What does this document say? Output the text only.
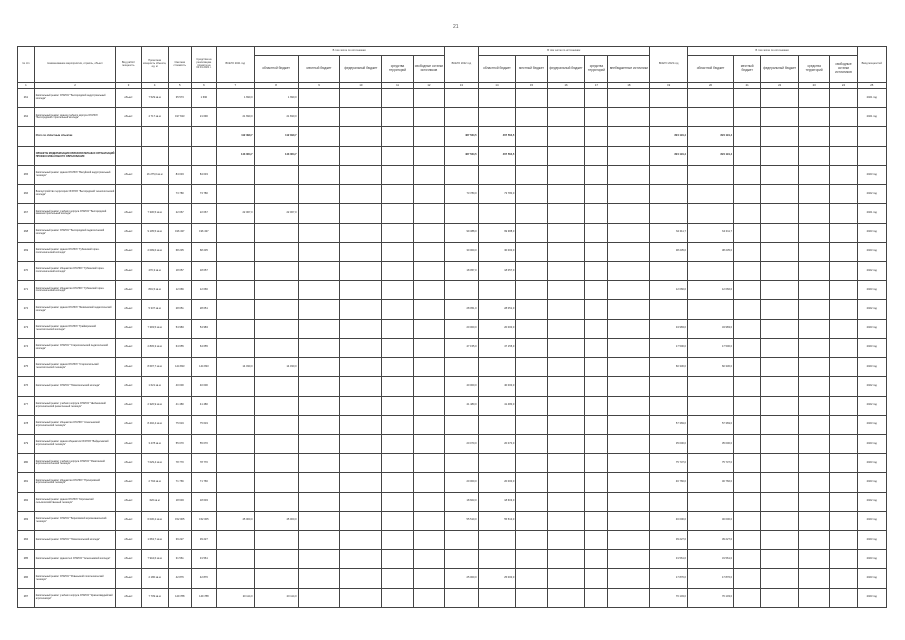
21
№ п/п	Наименование мероприятия, отрасль, объект	Вид работ/мощность	Проектная мощность объекта, ед. м	Сметная стоимость	Средства на реализацию проекта на 01.01.2021 г.	ВСЕГО 2021 год	В том числе по источникам:					ВСЕГО 2022 год	В том числе по источникам:					ВСЕГО 2023 год	В том числе по источникам:					Ввод мощностей
							областной бюджет	местный бюджет	федеральный бюджет	средства территорий	свободные остатки источников		областной бюджет	местный бюджет	федеральный бюджет	средства территорий	внебюджетные источники		областной бюджет	местный бюджет	федеральный бюджет	средства территорий	свободные остатки источников	
1	2	3	4	5	6	7	8	9	10	11	12	13	14	15	16	17	18	19	20	21	22	23	24	25
261	Капитальный ремонт ОГАПОУ "Белгородский индустриальный колледж"	объект	7 529 кв.м	35 573	1 690	1 690,0	1 690,0																	2021 год
262	Капитальный ремонт здания учебного корпуса ОГАПОУ "Белгородский строительный колледж"	объект	4 717 кв.м	197 633	21 690	21 690,0	21 690,0																	2021 год
	Итого по областным объектам					112 390,7	112 390,7					467 564,5	467 564,5					824 191,4	824 191,4					
	ОБЪЕКТЫ МОДЕРНИЗАЦИИ ОБРАЗОВАТЕЛЬНЫХ ОРГАНИЗАЦИЙ ПРОФЕССИОНАЛЬНОГО ОБРАЗОВАНИЯ					143 064,7	143 064,7					467 564,5	467 564,5					824 191,4	824 191,4					
265	Капитальный ремонт здания ОГАПОУ "Валуйский индустриальный техникум"	объект	16 275,0 кв.м	84 033	84 033																			2023 год
266	Благоустройство территории ОГАПОУ "Белгородский технологический колледж"			73 780	73 780							73 780,0	73 780,0											2022 год
267	Капитальный ремонт учебного корпуса ОГАПОУ "Белгородский машиностроительный колледж"	объект	7 330,5 кв.м	22 067	22 067	22 067,0	22 067,0																	2021 год
268	Капитальный ремонт ОГАПОУ "Белгородский педагогический колледж"	объект	9 105,5 кв.м	196 437	196 437							99 388,0	99 388,0					64 011,7	64 011,7					2023 год
269	Капитальный ремонт здания ОГАПОУ "Губкинский горно-политехнический колледж"	объект	2 099,6 кв.м	68 235	68 235							30 000,0	30 000,0					38 235,0	38 235,0					2023 год
270	Капитальный ремонт общежития ОГАПОУ "Губкинский горно-политехнический колледж"	объект	470,3 кв.м	18 057	18 057							18 057,0	18 057,0											2022 год
271	Капитальный ремонт общежития ОГАПОУ "Губкинский горно-политехнический колледж"	объект	891,5 кв.м	12 066	12 066													12 066,0	12 066,0					2023 год
272	Капитальный ремонт здания ОГАПОУ "Яковлевский педагогический колледж"	объект	5 337 кв.м	28 051	28 051							28 051,0	28 051,0											2022 год
273	Капитальный ремонт здания ОГАПОУ "Грайворонский технологический колледж"	объект	7 393,5 кв.м	54 983	54 983							20 000,0	20 000,0					34 983,0	34 983,0					2023 год
274	Капитальный ремонт ОГАПОУ "Старооскольский педагогический колледж"	объект	2 845,3 кв.м	64 655	64 655							47 155,0	47 155,0					17 500,0	17 500,0					2023 год
275	Капитальный ремонт здания ОГАПОУ "Старооскольский технологический техникум"	объект	8 697,7 кв.м	144 833	144 833	14 030,0	14 030,0											60 330,0	60 330,0					2023 год
276	Капитальный ремонт ОГАПОУ "Новооскольский колледж"	объект	1 621 кв.м	40 000	40 000							40 000,0	40 000,0											2022 год
277	Капитальный ремонт учебного корпуса ОГАПОУ "Шебекинский агротехнический ремесленный техникум"	объект	2 320,9 кв.м	41 480	41 480							41 480,0	41 480,0											2022 год
278	Капитальный ремонт общежития ОГАПОУ "Алексеевский агротехнический техникум"	объект	8 402,4 кв.м	75 619	75 619													57 369,0	57 369,0					2023 год
279	Капитальный ремонт здания общежития ОГАПОУ "Вейделевский агротехнический техникум"	объект	3 478 кв.м	55 070	55 070							20 070,0	20 070,0					35 000,0	35 000,0					2023 год
280	Капитальный ремонт учебного корпуса ОГАПОУ "Ракитянский агротехнологический техникум"	объект	7 029,4 кв.м	78 770	78 770													75 737,0	75 737,0					2023 год
281	Капитальный ремонт общежития ОГАПОУ "Прохоровский агротехнический техникум"	объект	2 794 кв.м	71 766	71 766							20 000,0	20 000,0					46 766,0	46 766,0					2023 год
282	Капитальный ремонт здания ОГАПОУ "Корочанский сельскохозяйственный техникум"	объект	620 кв.м	18 603	18 603							18 603,0	18 603,0											2022 год
283	Капитальный ремонт ОГАПОУ "Борисовский агромеханический техникум"	объект	6 030,2 кв.м	152 005	152 005	45 000,0	45 000,0					55 510,0	55 510,0					46 000,0	46 000,0					2023 год
284	Капитальный ремонт ОГАПОУ "Новооскольский колледж"	объект	1 663,7 кв.м	39 227	39 227													39 227,0	39 227,0					2023 год
285	Капитальный ремонт здания №1 ОГАПОУ "Алексеевский колледж"	объект	7 944,6 кв.м	31 561	31 561													31 561,0	31 561,0					2023 год
286	Капитальный ремонт ОГАПОУ "Ровеньской политехнический техникум"	объект	2 180 кв.м	42 876	42 876							25 000,0	25 000,0					17 876,0	17 876,0					2023 год
287	Капитальный ремонт учебного корпуса ОГАПОУ "Красногвардейский агротехникум"	объект	7 709 кв.м	149 788	149 788	20 114,0	20 114,0											76 103,0	76 103,0					2023 год
